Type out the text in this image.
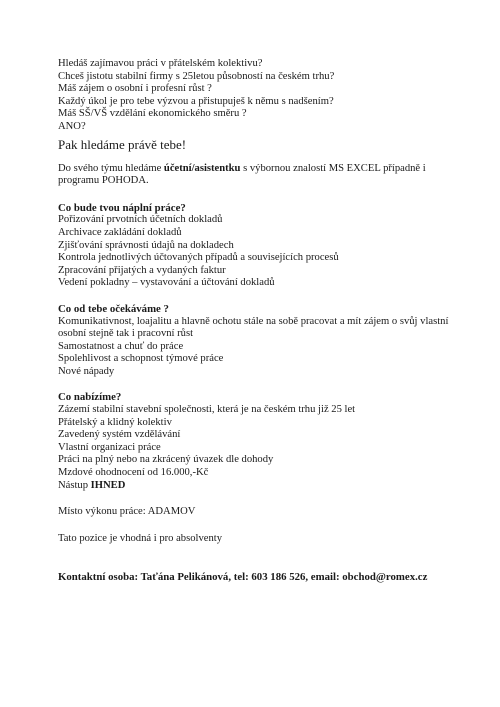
Hledáš zajímavou práci v přátelském kolektivu?
Chceš jistotu stabilní firmy s 25letou působností na českém trhu?
Máš zájem o osobní i profesní růst ?
Každý úkol je pro tebe výzvou a přistupuješ k němu s nadšením?
Máš SŠ/VŠ vzdělání ekonomického směru ?
ANO?
Pak hledáme právě tebe!
Do svého týmu hledáme účetní/asistentku s výbornou znalostí MS EXCEL případně i
programu POHODA.
Co bude tvou náplní práce?
Pořizování prvotních účetních dokladů
Archivace zakládání dokladů
Zjišťování správnosti údajů na dokladech
Kontrola jednotlivých účtovaných případů a souvisejících procesů
Zpracování přijatých a vydaných faktur
Vedení pokladny – vystavování a účtování dokladů
Co od tebe očekáváme ?
Komunikativnost, loajalitu a hlavně ochotu stále na sobě pracovat a mít zájem o svůj vlastní
osobní stejně tak i pracovní růst
Samostatnost a chuť do práce
Spolehlivost a schopnost týmové práce
Nové nápady
Co nabízíme?
Zázemí stabilní stavební společnosti, která je na českém trhu již 25 let
Přátelský a klidný kolektiv
Zavedený systém vzdělávání
Vlastní organizaci práce
Práci na plný nebo na zkrácený úvazek dle dohody
Mzdové ohodnocení od 16.000,-Kč
Nástup IHNED
Místo výkonu práce: ADAMOV
Tato pozice je vhodná i pro absolventy
Kontaktní osoba: Taťána Pelikánová, tel: 603 186 526, email: obchod@romex.cz
